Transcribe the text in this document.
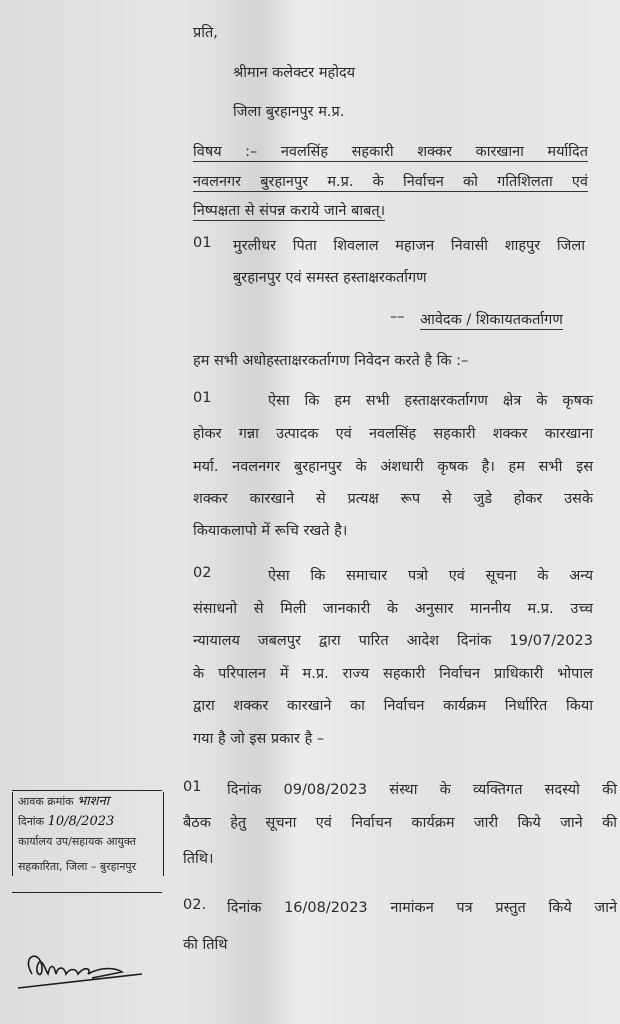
प्रति,
श्रीमान कलेक्टर महोदय
जिला बुरहानपुर म.प्र.
विषय :– नवलसिंह सहकारी शक्कर कारखाना मर्यादित
नवलनगर बुरहानपुर म.प्र. के निर्वाचन को गतिशिलता एवं
निष्पक्षता से संपन्न कराये जाने बाबत्।
01 मुरलीधर पिता शिवलाल महाजन निवासी शाहपुर जिला
बुरहानपुर एवं समस्त हस्ताक्षरकर्तागण
–– आवेदक / शिकायतकर्तागण
हम सभी अधोहस्ताक्षरकर्तागण निवेदन करते है कि :–
01	ऐसा कि हम सभी हस्ताक्षरकर्तागण क्षेत्र के कृषक
होकर गन्ना उत्पादक एवं नवलसिंह सहकारी शक्कर कारखाना
मर्या. नवलनगर बुरहानपुर के अंशधारी कृषक है। हम सभी इस
शक्कर कारखाने से प्रत्यक्ष रूप से जुडे होकर उसके
कियाकलापो में रूचि रखते है।
02	ऐसा कि समाचार पत्रो एवं सूचना के अन्य
संसाधनो से मिली जानकारी के अनुसार माननीय म.प्र. उच्च
न्यायालय जबलपुर द्वारा पारित आदेश दिनांक 19/07/2023
के परिपालन में म.प्र. राज्य सहकारी निर्वाचन प्राधिकारी भोपाल
द्वारा शक्कर कारखाने का निर्वाचन कार्यक्रम निर्धारित किया
गया है जो इस प्रकार है –
01 दिनांक 09/08/2023 संस्था के व्यक्तिगत सदस्यो की
बैठक हेतु सूचना एवं निर्वाचन कार्यक्रम जारी किये जाने की
तिथि।
02. दिनांक 16/08/2023 नामांकन पत्र प्रस्तुत किये जाने
की तिथि
आवक क्रमांक भाशना
दिनांक 10/8/2023
कार्यालय उप/सहायक आयुक्त
सहकारिता, जिला – बुरहानपुर
